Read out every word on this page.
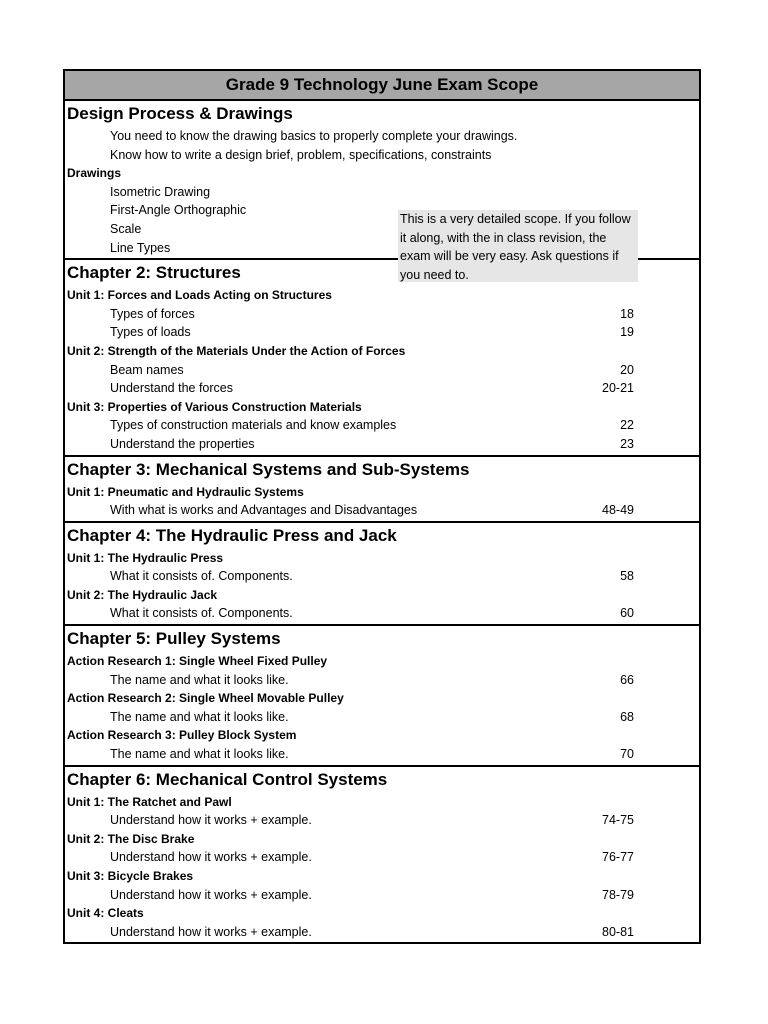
Grade 9 Technology June Exam Scope
Design Process & Drawings
You need to know the drawing basics to properly complete your drawings.
Know how to write a design brief, problem, specifications, constraints
Drawings
Isometric Drawing
First-Angle Orthographic
Scale
Line Types
This is a very detailed scope. If you follow
it along, with the in class revision, the
exam will be very easy. Ask questions if
you need to.
Chapter 2: Structures
Unit 1: Forces and Loads Acting on Structures
Types of forces	18
Types of loads	19
Unit 2: Strength of the Materials Under the Action of Forces
Beam names	20
Understand the forces	20-21
Unit 3: Properties of Various Construction Materials
Types of construction materials and know examples	22
Understand the properties	23
Chapter 3: Mechanical Systems and Sub-Systems
Unit 1: Pneumatic and Hydraulic Systems
With what is works and Advantages and Disadvantages	48-49
Chapter 4: The Hydraulic Press and Jack
Unit 1: The Hydraulic Press
What it consists of. Components.	58
Unit 2: The Hydraulic Jack
What it consists of. Components.	60
Chapter 5: Pulley Systems
Action Research 1: Single Wheel Fixed Pulley
The name and what it looks like.	66
Action Research 2: Single Wheel Movable Pulley
The name and what it looks like.	68
Action Research 3: Pulley Block System
The name and what it looks like.	70
Chapter 6: Mechanical Control Systems
Unit 1: The Ratchet and Pawl
Understand how it works + example.	74-75
Unit 2: The Disc Brake
Understand how it works + example.	76-77
Unit 3: Bicycle Brakes
Understand how it works + example.	78-79
Unit 4: Cleats
Understand how it works + example.	80-81
